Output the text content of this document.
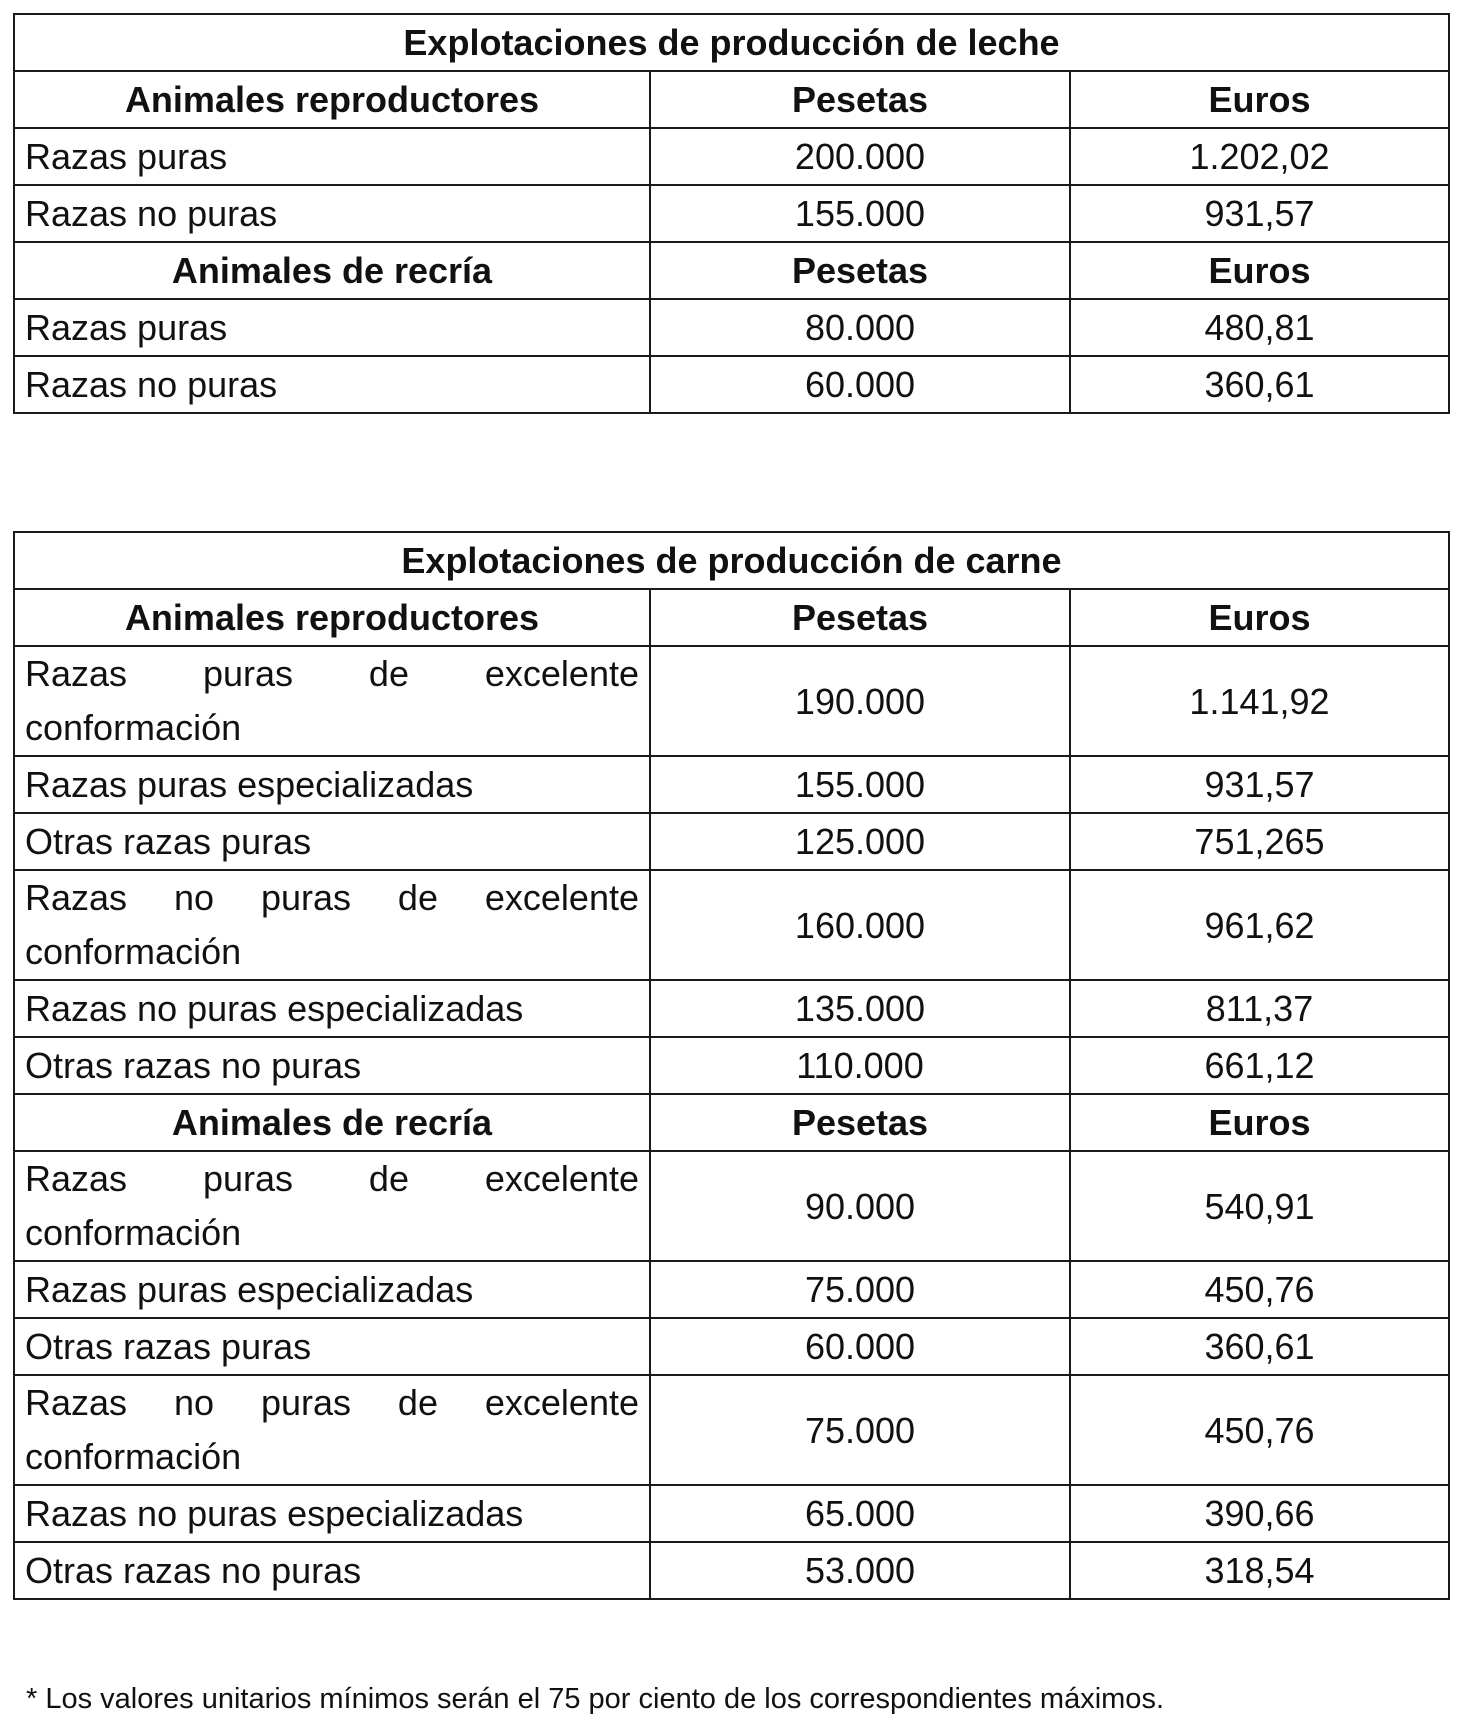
Explotaciones de producción de leche		
Animales reproductores	Pesetas	Euros
Razas puras	200.000	1.202,02
Razas no puras	155.000	931,57
Animales de recría	Pesetas	Euros
Razas puras	80.000	480,81
Razas no puras	60.000	360,61
Explotaciones de producción de carne		
Animales reproductores	Pesetas	Euros
Razas puras de excelente conformación	190.000	1.141,92
Razas puras especializadas	155.000	931,57
Otras razas puras	125.000	751,265
Razas no puras de excelente conformación	160.000	961,62
Razas no puras especializadas	135.000	811,37
Otras razas no puras	110.000	661,12
Animales de recría	Pesetas	Euros
Razas puras de excelente conformación	90.000	540,91
Razas puras especializadas	75.000	450,76
Otras razas puras	60.000	360,61
Razas no puras de excelente conformación	75.000	450,76
Razas no puras especializadas	65.000	390,66
Otras razas no puras	53.000	318,54
* Los valores unitarios mínimos serán el 75 por ciento de los correspondientes máximos.
